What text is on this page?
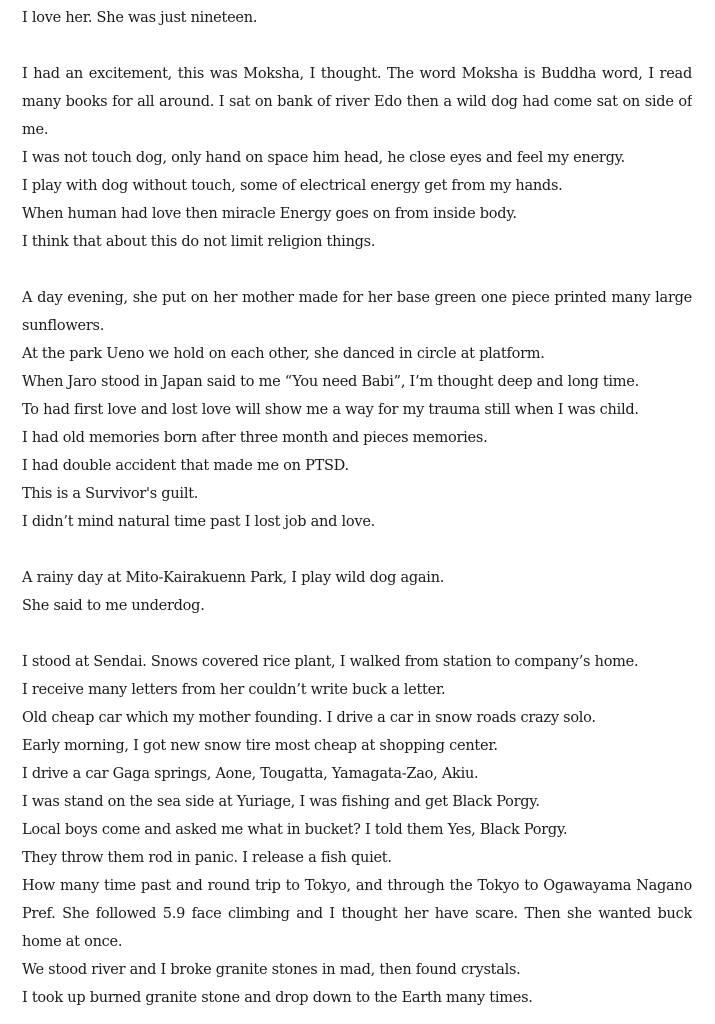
I love her. She was just nineteen.
I had an excitement, this was Moksha, I thought. The word Moksha is Buddha word, I read
many books for all around. I sat on bank of river Edo then a wild dog had come sat on side of
me.
I was not touch dog, only hand on space him head, he close eyes and feel my energy.
I play with dog without touch, some of electrical energy get from my hands.
When human had love then miracle Energy goes on from inside body.
I think that about this do not limit religion things.
A day evening, she put on her mother made for her base green one piece printed many large
sunflowers.
At the park Ueno we hold on each other, she danced in circle at platform.
When Jaro stood in Japan said to me “You need Babi”, I’m thought deep and long time.
To had first love and lost love will show me a way for my trauma still when I was child.
I had old memories born after three month and pieces memories.
I had double accident that made me on PTSD.
This is a Survivor's guilt.
I didn’t mind natural time past I lost job and love.
A rainy day at Mito-Kairakuenn Park, I play wild dog again.
She said to me underdog.
I stood at Sendai. Snows covered rice plant, I walked from station to company’s home.
I receive many letters from her couldn’t write buck a letter.
Old cheap car which my mother founding. I drive a car in snow roads crazy solo.
Early morning, I got new snow tire most cheap at shopping center.
I drive a car Gaga springs, Aone, Tougatta, Yamagata-Zao, Akiu.
I was stand on the sea side at Yuriage, I was fishing and get Black Porgy.
Local boys come and asked me what in bucket? I told them Yes, Black Porgy.
They throw them rod in panic. I release a fish quiet.
How many time past and round trip to Tokyo, and through the Tokyo to Ogawayama Nagano
Pref. She followed 5.9 face climbing and I thought her have scare. Then she wanted buck
home at once.
We stood river and I broke granite stones in mad, then found crystals.
I took up burned granite stone and drop down to the Earth many times.
